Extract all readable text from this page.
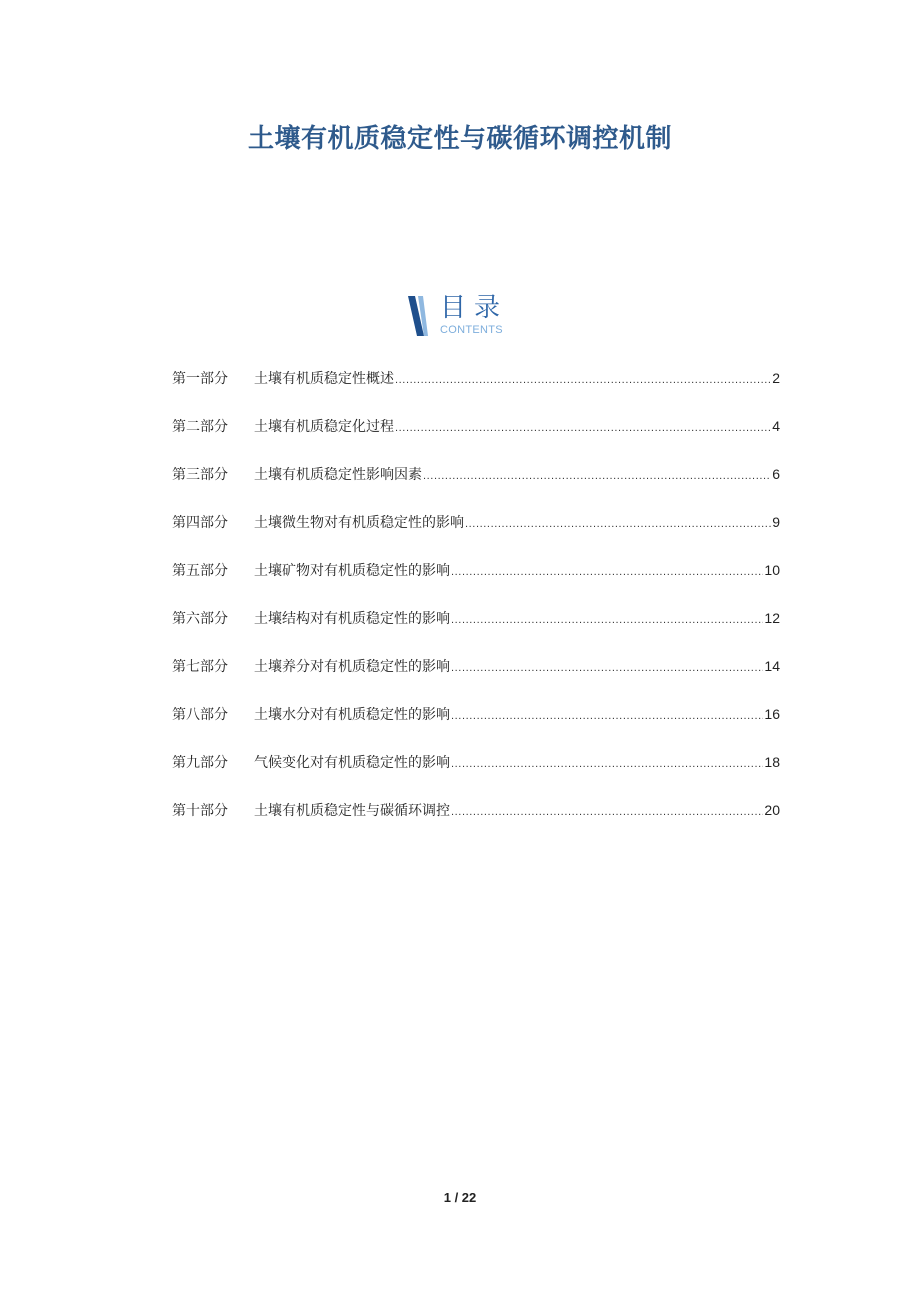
土壤有机质稳定性与碳循环调控机制
目录
CONTENTS
第一部分	土壤有机质稳定性概述 .....	2
第二部分	土壤有机质稳定化过程 .....	4
第三部分	土壤有机质稳定性影响因素 .....	6
第四部分	土壤微生物对有机质稳定性的影响 .....	9
第五部分	土壤矿物对有机质稳定性的影响 .....	10
第六部分	土壤结构对有机质稳定性的影响 .....	12
第七部分	土壤养分对有机质稳定性的影响 .....	14
第八部分	土壤水分对有机质稳定性的影响 .....	16
第九部分	气候变化对有机质稳定性的影响 .....	18
第十部分	土壤有机质稳定性与碳循环调控 .....	20
1 / 22
